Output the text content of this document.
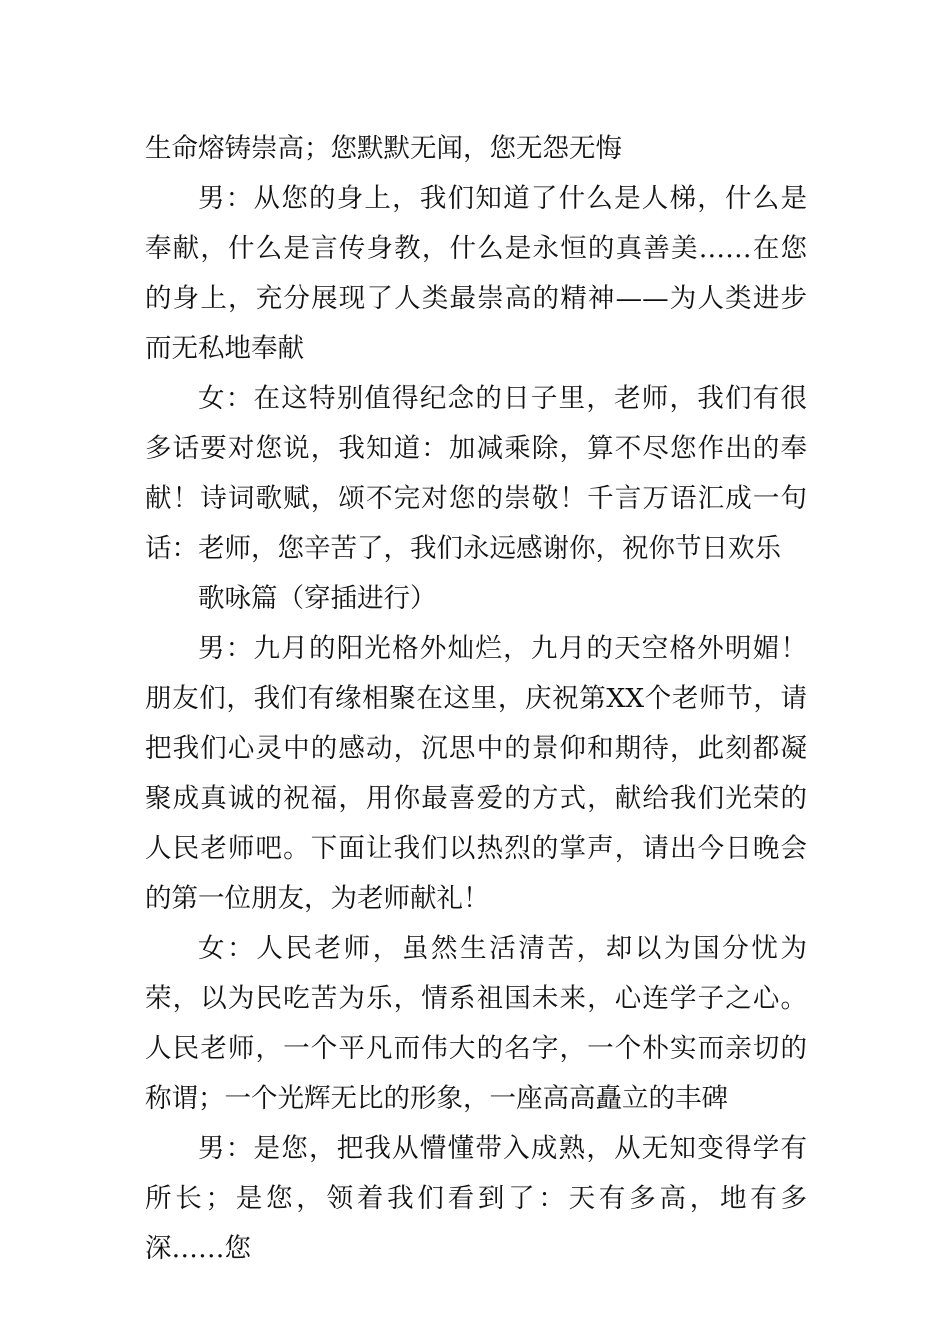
生命熔铸崇高；您默默无闻，您无怨无悔

男：从您的身上，我们知道了什么是人梯，什么是奉献，什么是言传身教，什么是永恒的真善美……在您的身上，充分展现了人类最崇高的精神——为人类进步而无私地奉献

女：在这特别值得纪念的日子里，老师，我们有很多话要对您说，我知道：加减乘除，算不尽您作出的奉献！诗词歌赋，颂不完对您的崇敬！千言万语汇成一句话：老师，您辛苦了，我们永远感谢你，祝你节日欢乐

歌咏篇（穿插进行）

男：九月的阳光格外灿烂，九月的天空格外明媚！朋友们，我们有缘相聚在这里，庆祝第XX个老师节，请把我们心灵中的感动，沉思中的景仰和期待，此刻都凝聚成真诚的祝福，用你最喜爱的方式，献给我们光荣的人民老师吧。下面让我们以热烈的掌声，请出今日晚会的第一位朋友，为老师献礼！

女：人民老师，虽然生活清苦，却以为国分忧为荣，以为民吃苦为乐，情系祖国未来，心连学子之心。人民老师，一个平凡而伟大的名字，一个朴实而亲切的称谓；一个光辉无比的形象，一座高高矗立的丰碑

男：是您，把我从懵懂带入成熟，从无知变得学有所长；是您，领着我们看到了：天有多高，地有多深……您
